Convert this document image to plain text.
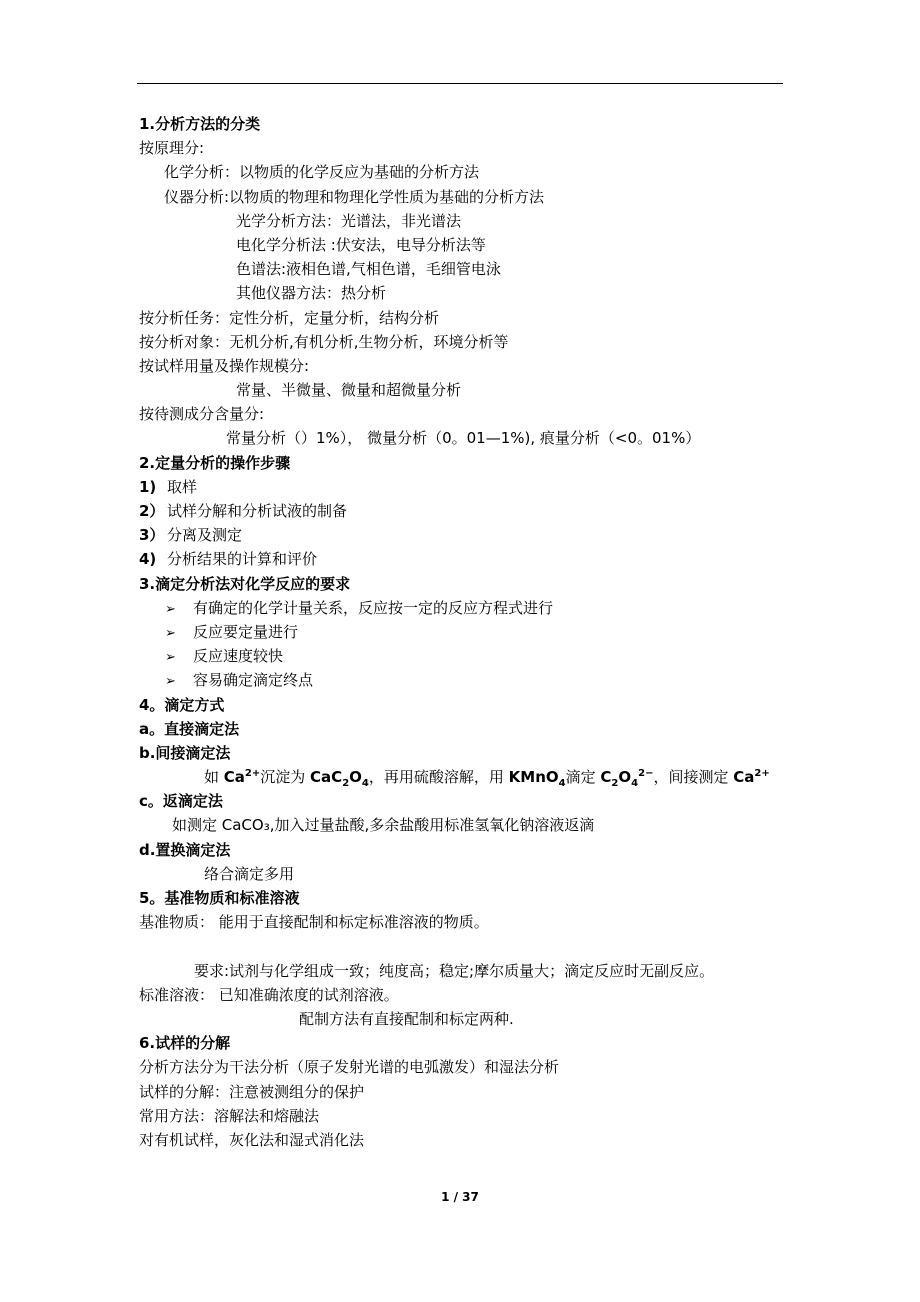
1.分析方法的分类
按原理分:
化学分析：以物质的化学反应为基础的分析方法
仪器分析:以物质的物理和物理化学性质为基础的分析方法
光学分析方法：光谱法，非光谱法
电化学分析法 :伏安法，电导分析法等
色谱法:液相色谱,气相色谱，毛细管电泳
其他仪器方法：热分析
按分析任务：定性分析，定量分析，结构分析
按分析对象：无机分析,有机分析,生物分析，环境分析等
按试样用量及操作规模分:
常量、半微量、微量和超微量分析
按待测成分含量分:
常量分析（）1%）， 微量分析（0。01—1%), 痕量分析（<0。01%）
2.定量分析的操作步骤
1) 取样
2） 试样分解和分析试液的制备
3） 分离及测定
4) 分析结果的计算和评价
3.滴定分析法对化学反应的要求
➢ 有确定的化学计量关系，反应按一定的反应方程式进行
➢ 反应要定量进行
➢ 反应速度较快
➢ 容易确定滴定终点
4。滴定方式
a。直接滴定法
b.间接滴定法
如 $Ca^{2+}$沉淀为 $CaC_2O_4$，再用硫酸溶解，用 KMnO$_4$滴定 $C_2O_4^{2-}$，间接测定 $Ca^{2+}$
c。返滴定法
如测定 CaCO₃,加入过量盐酸,多余盐酸用标准氢氧化钠溶液返滴
d.置换滴定法
络合滴定多用
5。基准物质和标准溶液
基准物质： 能用于直接配制和标定标准溶液的物质。
要求:试剂与化学组成一致；纯度高；稳定;摩尔质量大；滴定反应时无副反应。
标准溶液： 已知准确浓度的试剂溶液。
配制方法有直接配制和标定两种.
6.试样的分解
分析方法分为干法分析（原子发射光谱的电弧激发）和湿法分析
试样的分解：注意被测组分的保护
常用方法：溶解法和熔融法
对有机试样，灰化法和湿式消化法
1 / 37
